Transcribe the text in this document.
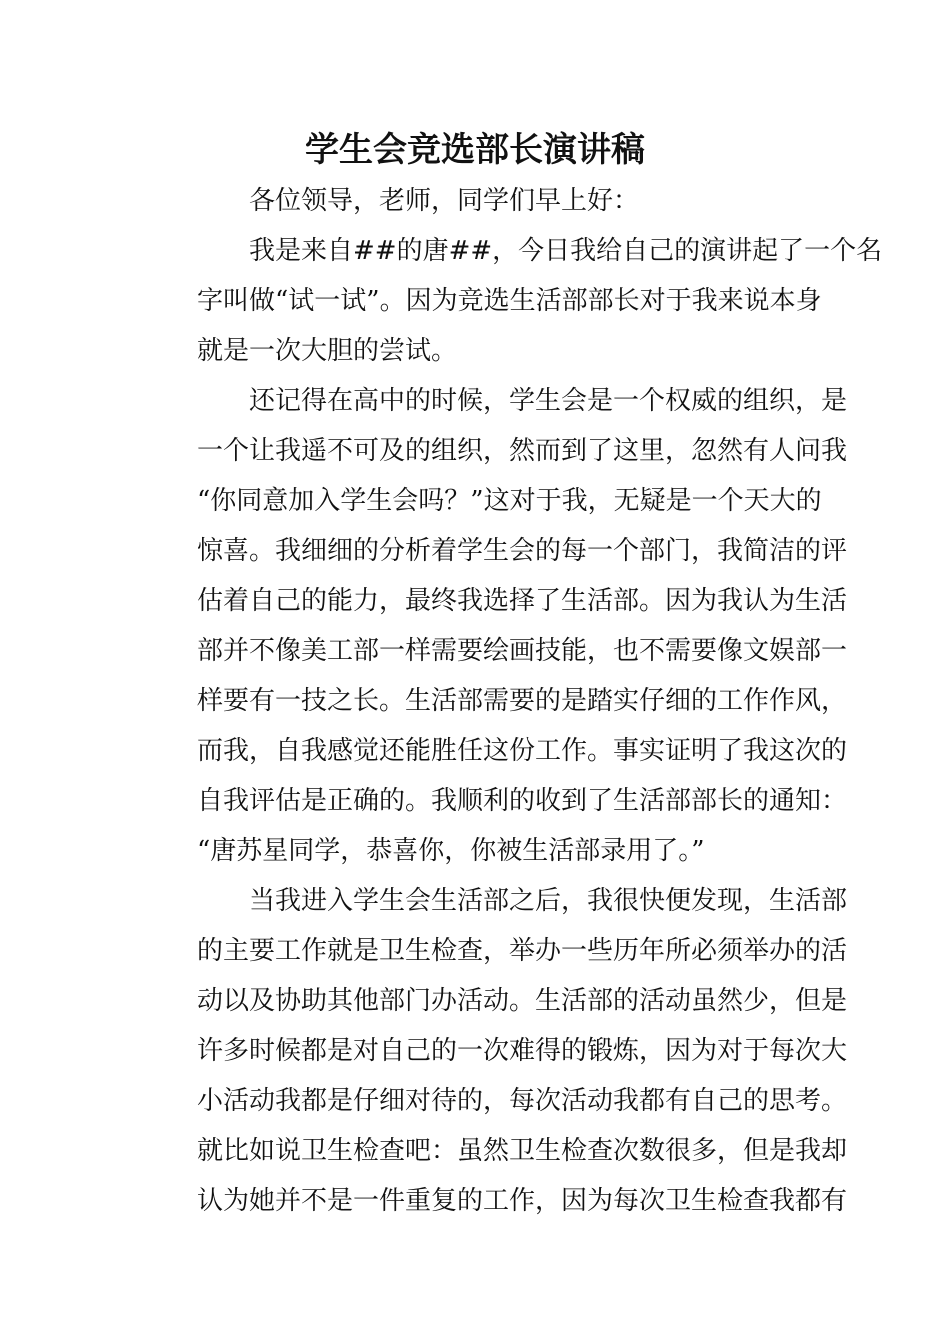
学生会竞选部长演讲稿
各位领导，老师，同学们早上好：
我是来自##的唐##，今日我给自己的演讲起了一个名
字叫做“试一试”。因为竞选生活部部长对于我来说本身
就是一次大胆的尝试。
还记得在高中的时候，学生会是一个权威的组织，是
一个让我遥不可及的组织，然而到了这里，忽然有人问我
“你同意加入学生会吗？”这对于我，无疑是一个天大的
惊喜。我细细的分析着学生会的每一个部门，我简洁的评
估着自己的能力，最终我选择了生活部。因为我认为生活
部并不像美工部一样需要绘画技能，也不需要像文娱部一
样要有一技之长。生活部需要的是踏实仔细的工作作风，
而我，自我感觉还能胜任这份工作。事实证明了我这次的
自我评估是正确的。我顺利的收到了生活部部长的通知：
“唐苏星同学，恭喜你，你被生活部录用了。”
当我进入学生会生活部之后，我很快便发现，生活部
的主要工作就是卫生检查，举办一些历年所必须举办的活
动以及协助其他部门办活动。生活部的活动虽然少，但是
许多时候都是对自己的一次难得的锻炼，因为对于每次大
小活动我都是仔细对待的，每次活动我都有自己的思考。
就比如说卫生检查吧：虽然卫生检查次数很多，但是我却
认为她并不是一件重复的工作，因为每次卫生检查我都有
